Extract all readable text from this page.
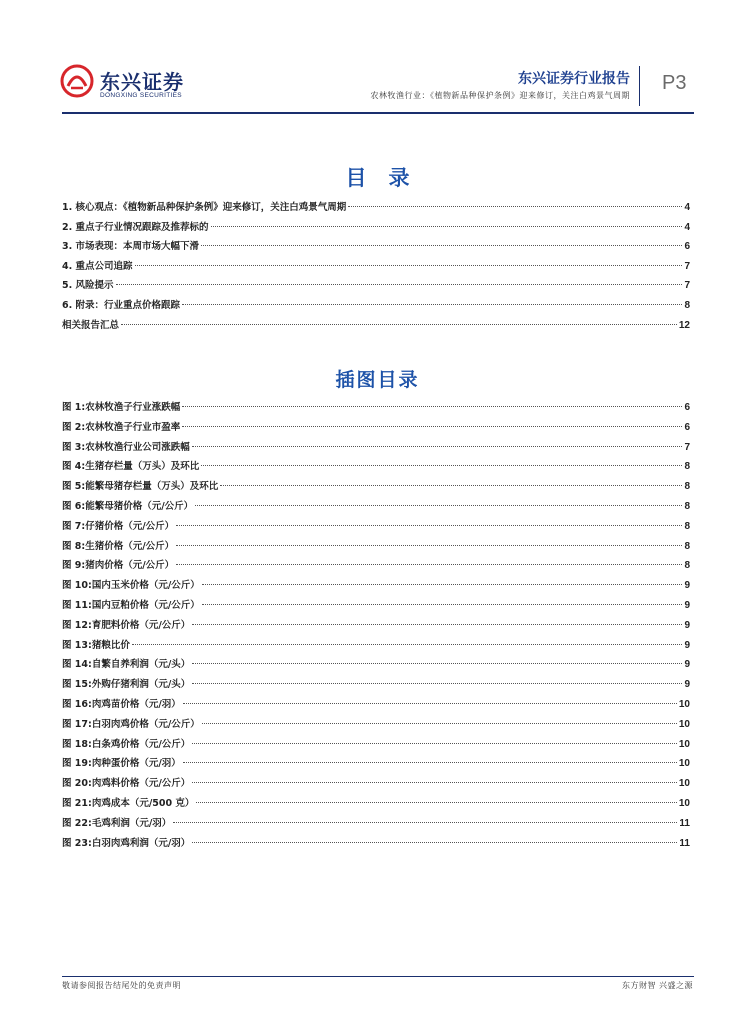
东兴证券
DONGXING SECURITIES
东兴证券行业报告
农林牧渔行业：《植物新品种保护条例》迎来修订，关注白鸡景气周期
P3
目录
1. 核心观点：《植物新品种保护条例》迎来修订，关注白鸡景气周期	4
2. 重点子行业情况跟踪及推荐标的	4
3. 市场表现：本周市场大幅下滑	6
4. 重点公司追踪	7
5. 风险提示	7
6. 附录：行业重点价格跟踪	8
相关报告汇总	12
插图目录
图 1:农林牧渔子行业涨跌幅	6
图 2:农林牧渔子行业市盈率	6
图 3:农林牧渔行业公司涨跌幅	7
图 4:生猪存栏量（万头）及环比	8
图 5:能繁母猪存栏量（万头）及环比	8
图 6:能繁母猪价格（元/公斤）	8
图 7:仔猪价格（元/公斤）	8
图 8:生猪价格（元/公斤）	8
图 9:猪肉价格（元/公斤）	8
图 10:国内玉米价格（元/公斤）	9
图 11:国内豆粕价格（元/公斤）	9
图 12:育肥料价格（元/公斤）	9
图 13:猪粮比价	9
图 14:自繁自养利润（元/头）	9
图 15:外购仔猪利润（元/头）	9
图 16:肉鸡苗价格（元/羽）	10
图 17:白羽肉鸡价格（元/公斤）	10
图 18:白条鸡价格（元/公斤）	10
图 19:肉种蛋价格（元/羽）	10
图 20:肉鸡料价格（元/公斤）	10
图 21:肉鸡成本（元/500 克）	10
图 22:毛鸡利润（元/羽）	11
图 23:白羽肉鸡利润（元/羽）	11
敬请参阅报告结尾处的免责声明	东方财智 兴盛之源
